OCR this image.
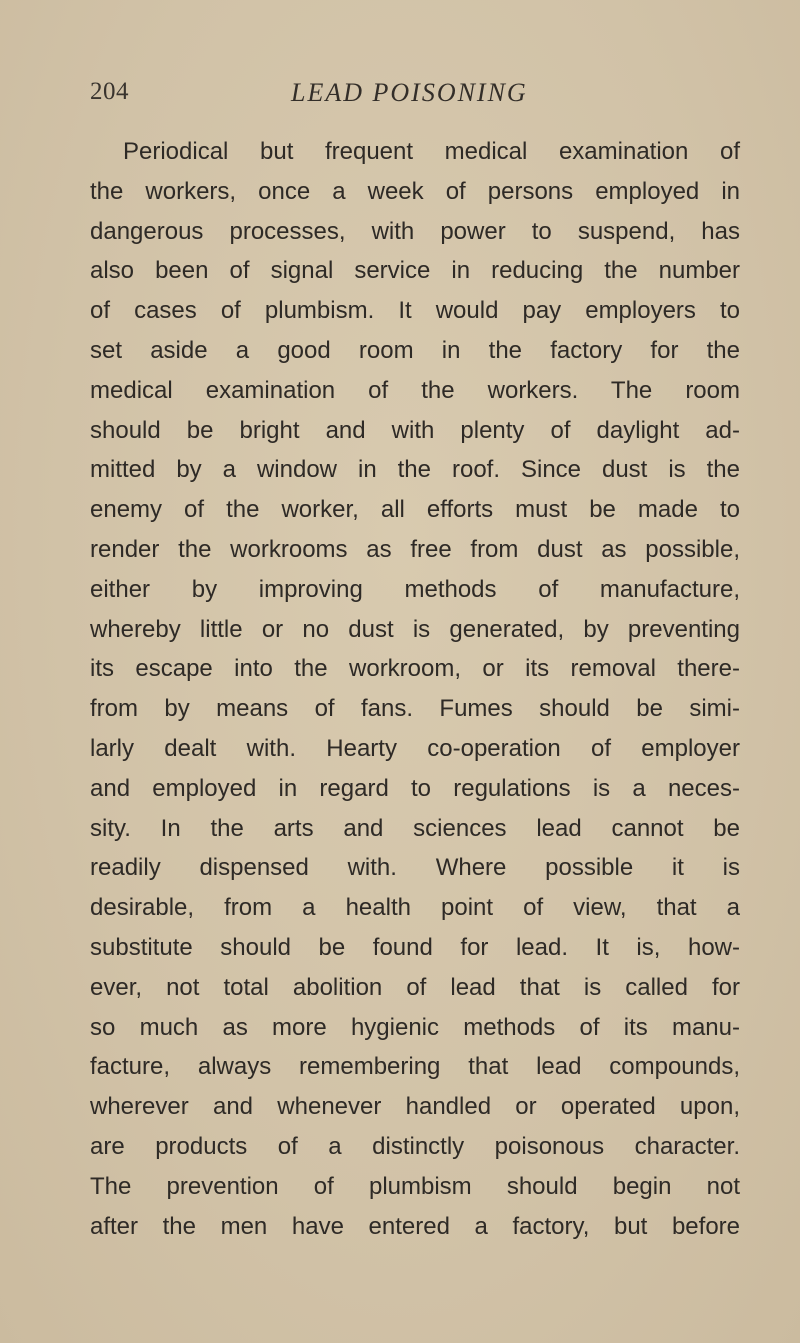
204	LEAD POISONING
Periodical but frequent medical examination of
the workers, once a week of persons employed in
dangerous processes, with power to suspend, has
also been of signal service in reducing the number
of cases of plumbism. It would pay employers to
set aside a good room in the factory for the
medical examination of the workers. The room
should be bright and with plenty of daylight ad-
mitted by a window in the roof. Since dust is the
enemy of the worker, all efforts must be made to
render the workrooms as free from dust as possible,
either by improving methods of manufacture,
whereby little or no dust is generated, by preventing
its escape into the workroom, or its removal there-
from by means of fans. Fumes should be simi-
larly dealt with. Hearty co-operation of employer
and employed in regard to regulations is a neces-
sity. In the arts and sciences lead cannot be
readily dispensed with. Where possible it is
desirable, from a health point of view, that a
substitute should be found for lead. It is, how-
ever, not total abolition of lead that is called for
so much as more hygienic methods of its manu-
facture, always remembering that lead compounds,
wherever and whenever handled or operated upon,
are products of a distinctly poisonous character.
The prevention of plumbism should begin not
after the men have entered a factory, but before
